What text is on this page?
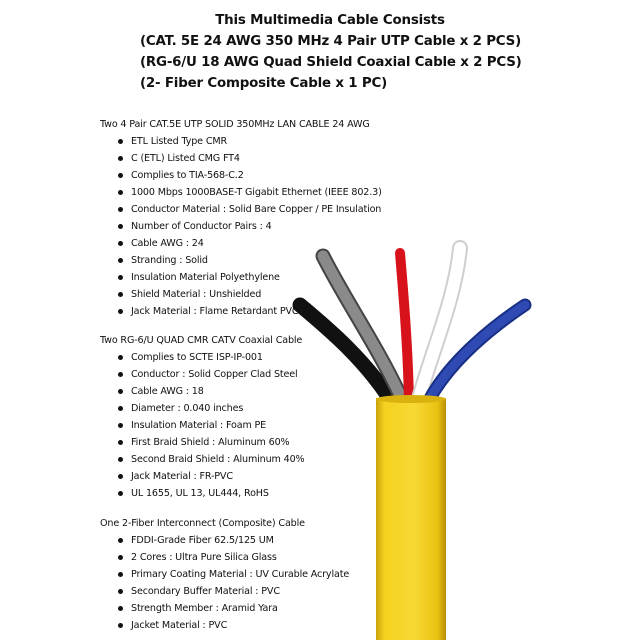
This Multimedia Cable Consists
(CAT. 5E 24 AWG 350 MHz 4 Pair UTP Cable x 2 PCS)
(RG-6/U 18 AWG Quad Shield Coaxial Cable x 2 PCS)
(2- Fiber Composite Cable x 1 PC)
Two 4 Pair CAT.5E UTP SOLID 350MHz LAN CABLE 24 AWG
ETL Listed Type CMR
C (ETL) Listed CMG FT4
Complies to TIA-568-C.2
1000 Mbps 1000BASE-T Gigabit Ethernet (IEEE 802.3)
Conductor Material : Solid Bare Copper / PE Insulation
Number of Conductor Pairs : 4
Cable AWG : 24
Stranding : Solid
Insulation Material Polyethylene
Shield Material : Unshielded
Jack Material : Flame Retardant PVC
Two RG-6/U QUAD CMR CATV Coaxial Cable
Complies to SCTE ISP-IP-001
Conductor : Solid Copper Clad Steel
Cable AWG : 18
Diameter : 0.040 inches
Insulation Material : Foam PE
First Braid Shield : Aluminum 60%
Second Braid Shield : Aluminum 40%
Jack Material : FR-PVC
UL 1655, UL 13, UL444, RoHS
One 2-Fiber Interconnect (Composite) Cable
FDDI-Grade Fiber 62.5/125 UM
2 Cores : Ultra Pure Silica Glass
Primary Coating Material : UV Curable Acrylate
Secondary Buffer Material : PVC
Strength Member : Aramid Yara
Jacket Material : PVC
